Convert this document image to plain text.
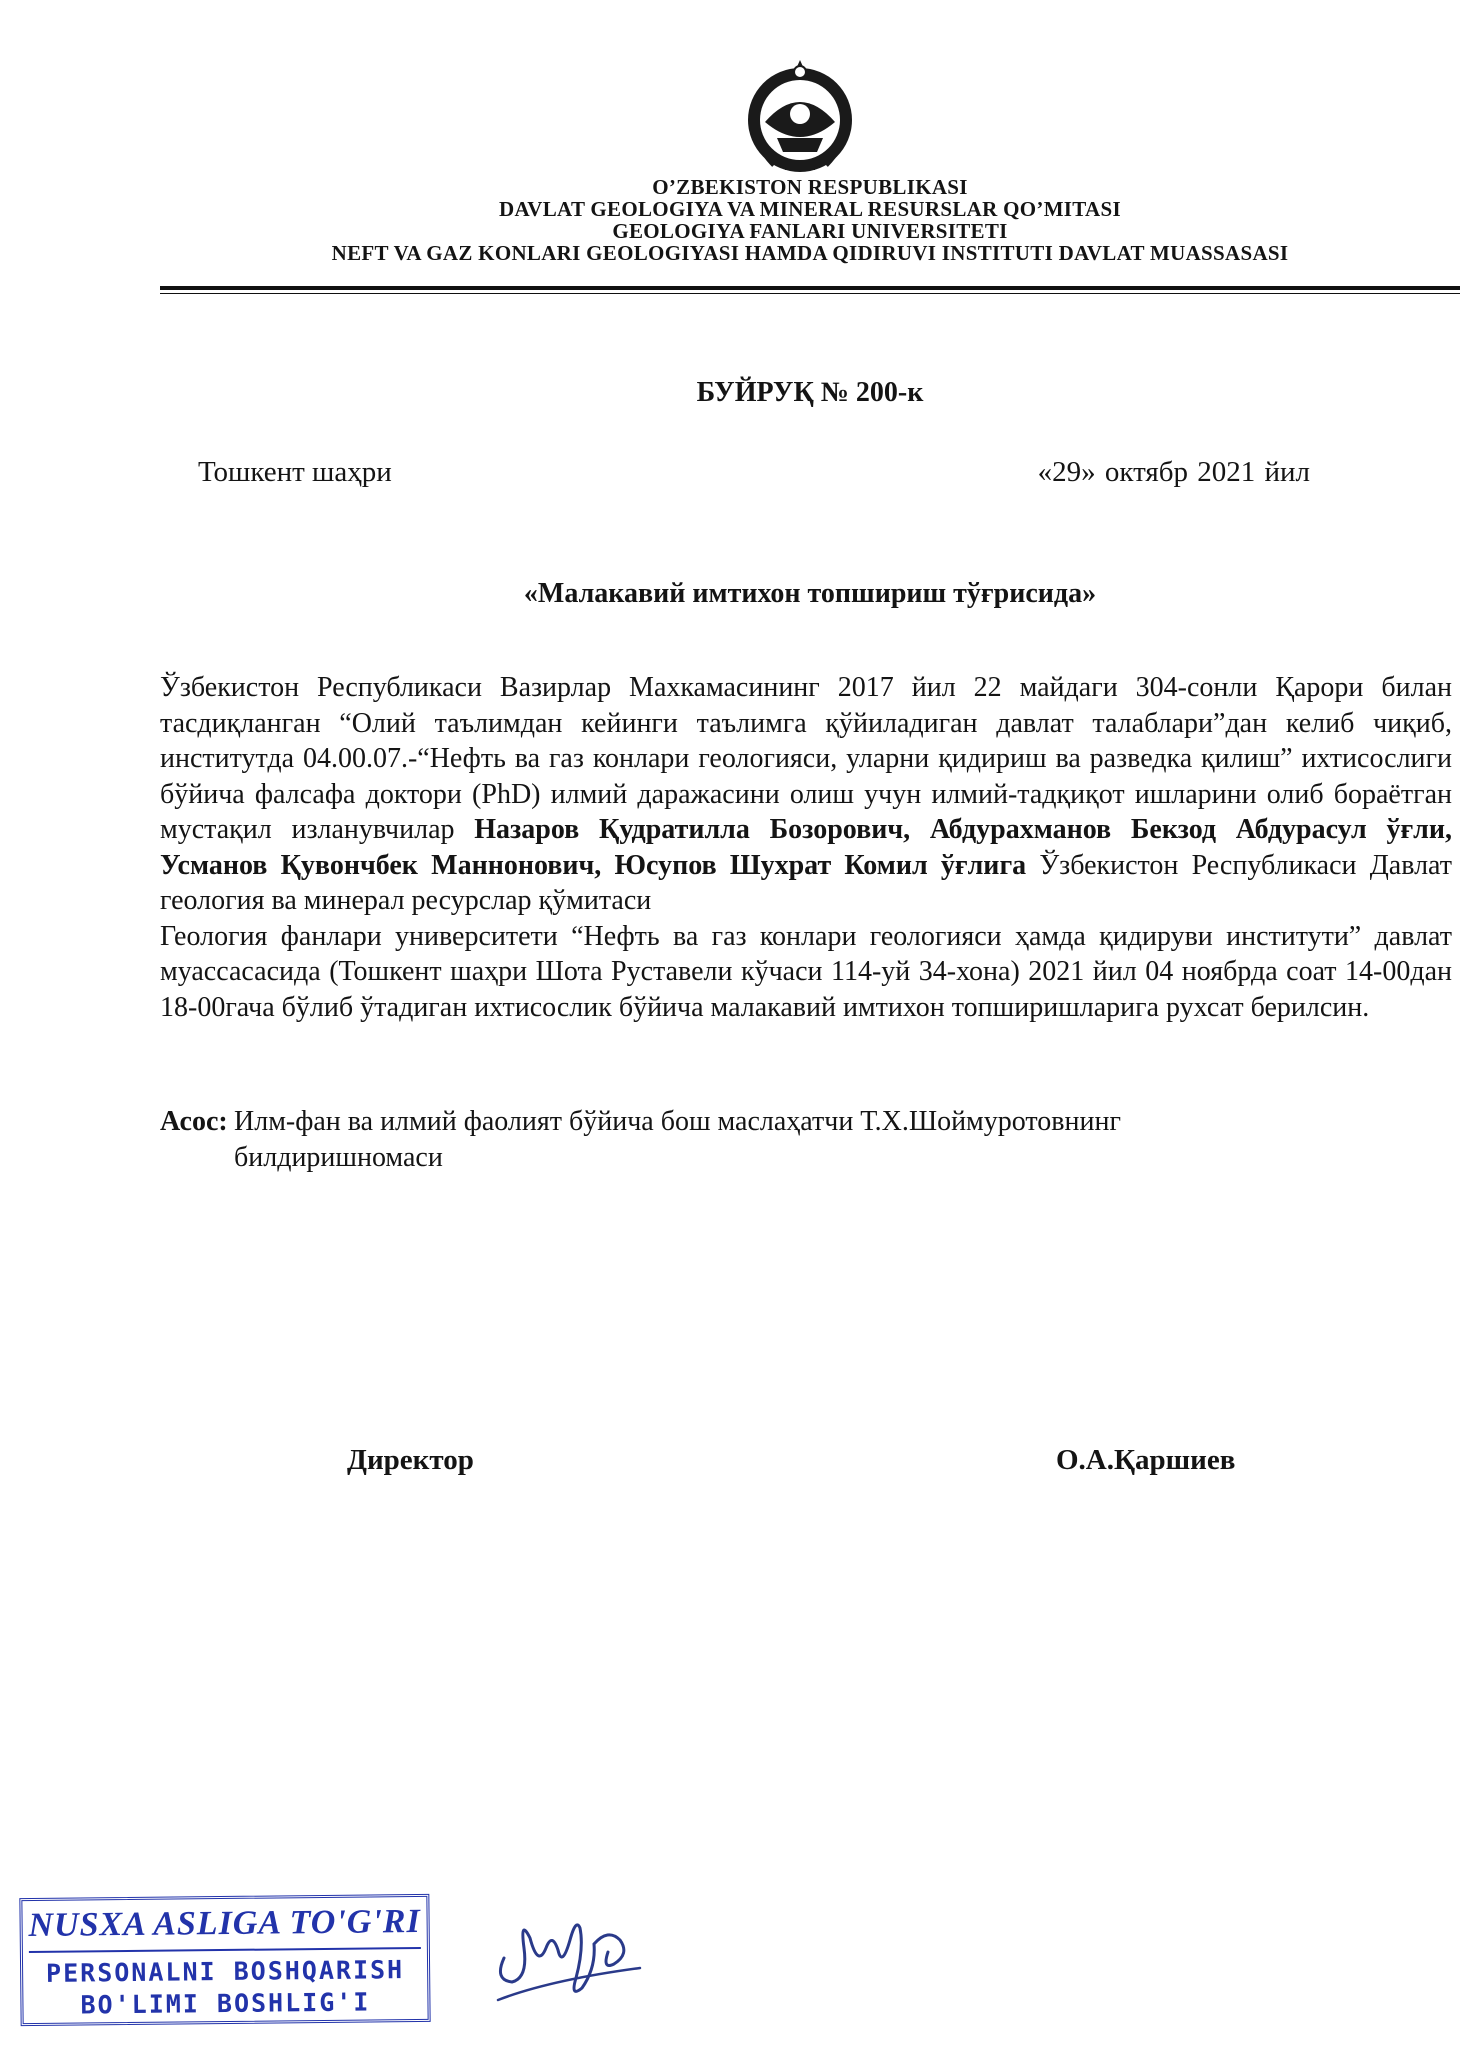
O’ZBEKISTON RESPUBLIKASI
DAVLAT GEOLOGIYA VA MINERAL RESURSLAR QO’MITASI
GEOLOGIYA FANLARI UNIVERSITETI
NEFT VA GAZ KONLARI GEOLOGIYASI HAMDA QIDIRUVI INSTITUTI DAVLAT MUASSASASI
БУЙРУҚ № 200-к
Тошкент шаҳри	«29» октябр 2021 йил
«Малакавий имтихон топшириш тўғрисида»

Ўзбекистон Республикаси Вазирлар Махкамасининг 2017 йил 22 майдаги 304-сонли Қарори билан тасдиқланган “Олий таълимдан кейинги таълимга қўйиладиган давлат талаблари”дан келиб чиқиб, институтда 04.00.07.-“Нефть ва газ конлари геологияси, уларни қидириш ва разведка қилиш” ихтисослиги бўйича фалсафа доктори (PhD) илмий даражасини олиш учун илмий-тадқиқот ишларини олиб бораётган мустақил изланувчилар Назаров Қудратилла Бозорович, Абдурахманов Бекзод Абдурасул ўғли, Усманов Қувончбек Маннонович, Юсупов Шухрат Комил ўғлига Ўзбекистон Республикаси Давлат геология ва минерал ресурслар қўмитаси

Геология фанлари университети “Нефть ва газ конлари геологияси ҳамда қидируви институти” давлат муассасасида (Тошкент шаҳри Шота Руставели кўчаси 114-уй 34-хона) 2021 йил 04 ноябрда соат 14-00дан 18-00гача бўлиб ўтадиган ихтисослик бўйича малакавий имтихон топширишларига рухсат берилсин.

Асос: Илм-фан ва илмий фаолият бўйича бош маслаҳатчи Т.Х.Шоймуротовнинг
билдиришномаси
Директор	О.А.Қаршиев
NUSXA ASLIGA TO'G'RI
PERSONALNI BOSHQARISH
BO'LIMI BOSHLIG'I
